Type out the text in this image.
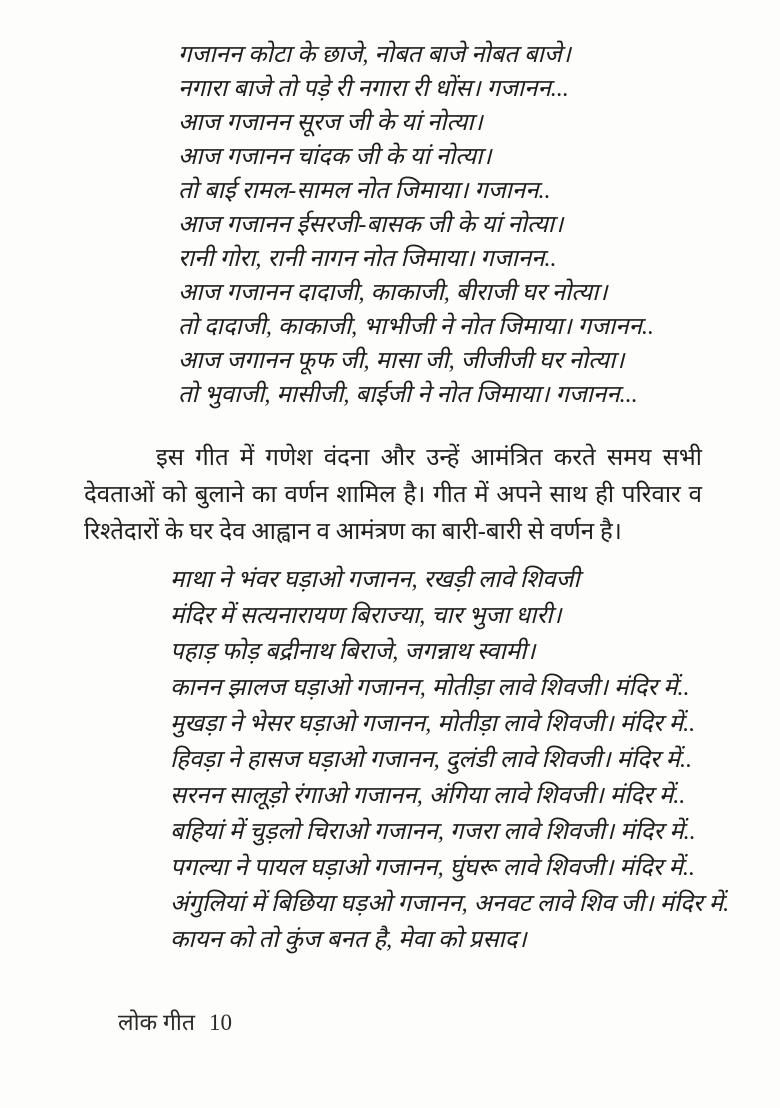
गजानन कोटा के छाजे, नोबत बाजे नोबत बाजे।
नगारा बाजे तो पड़े री नगारा री धोंस। गजानन...
आज गजानन सूरज जी के यां नोत्या।
आज गजानन चांदक जी के यां नोत्या।
तो बाई रामल-सामल नोत जिमाया। गजानन..
आज गजानन ईसरजी-बासक जी के यां नोत्या।
रानी गोरा, रानी नागन नोत जिमाया। गजानन..
आज गजानन दादाजी, काकाजी, बीराजी घर नोत्या।
तो दादाजी, काकाजी, भाभीजी ने नोत जिमाया। गजानन..
आज जगानन फूफ जी, मासा जी, जीजीजी घर नोत्या।
तो भुवाजी, मासीजी, बाईजी ने नोत जिमाया। गजानन...

इस गीत में गणेश वंदना और उन्हें आमंत्रित करते समय सभी देवताओं को बुलाने का वर्णन शामिल है। गीत में अपने साथ ही परिवार व रिश्तेदारों के घर देव आह्वान व आमंत्रण का बारी-बारी से वर्णन है।

माथा ने भंवर घड़ाओ गजानन, रखड़ी लावे शिवजी
मंदिर में सत्यनारायण बिराज्या, चार भुजा धारी।
पहाड़ फोड़ बद्रीनाथ बिराजे, जगन्नाथ स्वामी।
कानन झालज घड़ाओ गजानन, मोतीड़ा लावे शिवजी। मंदिर में..
मुखड़ा ने भेसर घड़ाओ गजानन, मोतीड़ा लावे शिवजी। मंदिर में..
हिवड़ा ने हासज घड़ाओ गजानन, दुलंडी लावे शिवजी। मंदिर में..
सरनन सालूड़ो रंगाओ गजानन, अंगिया लावे शिवजी। मंदिर में..
बहियां में चुड़लो चिराओ गजानन, गजरा लावे शिवजी। मंदिर में..
पगल्या ने पायल घड़ाओ गजानन, घुंघरू लावे शिवजी। मंदिर में..
अंगुलियां में बिछिया घड़ओ गजानन, अनवट लावे शिव जी। मंदिर में.
कायन को तो कुंज बनत है, मेवा को प्रसाद।
लोक गीत 10
